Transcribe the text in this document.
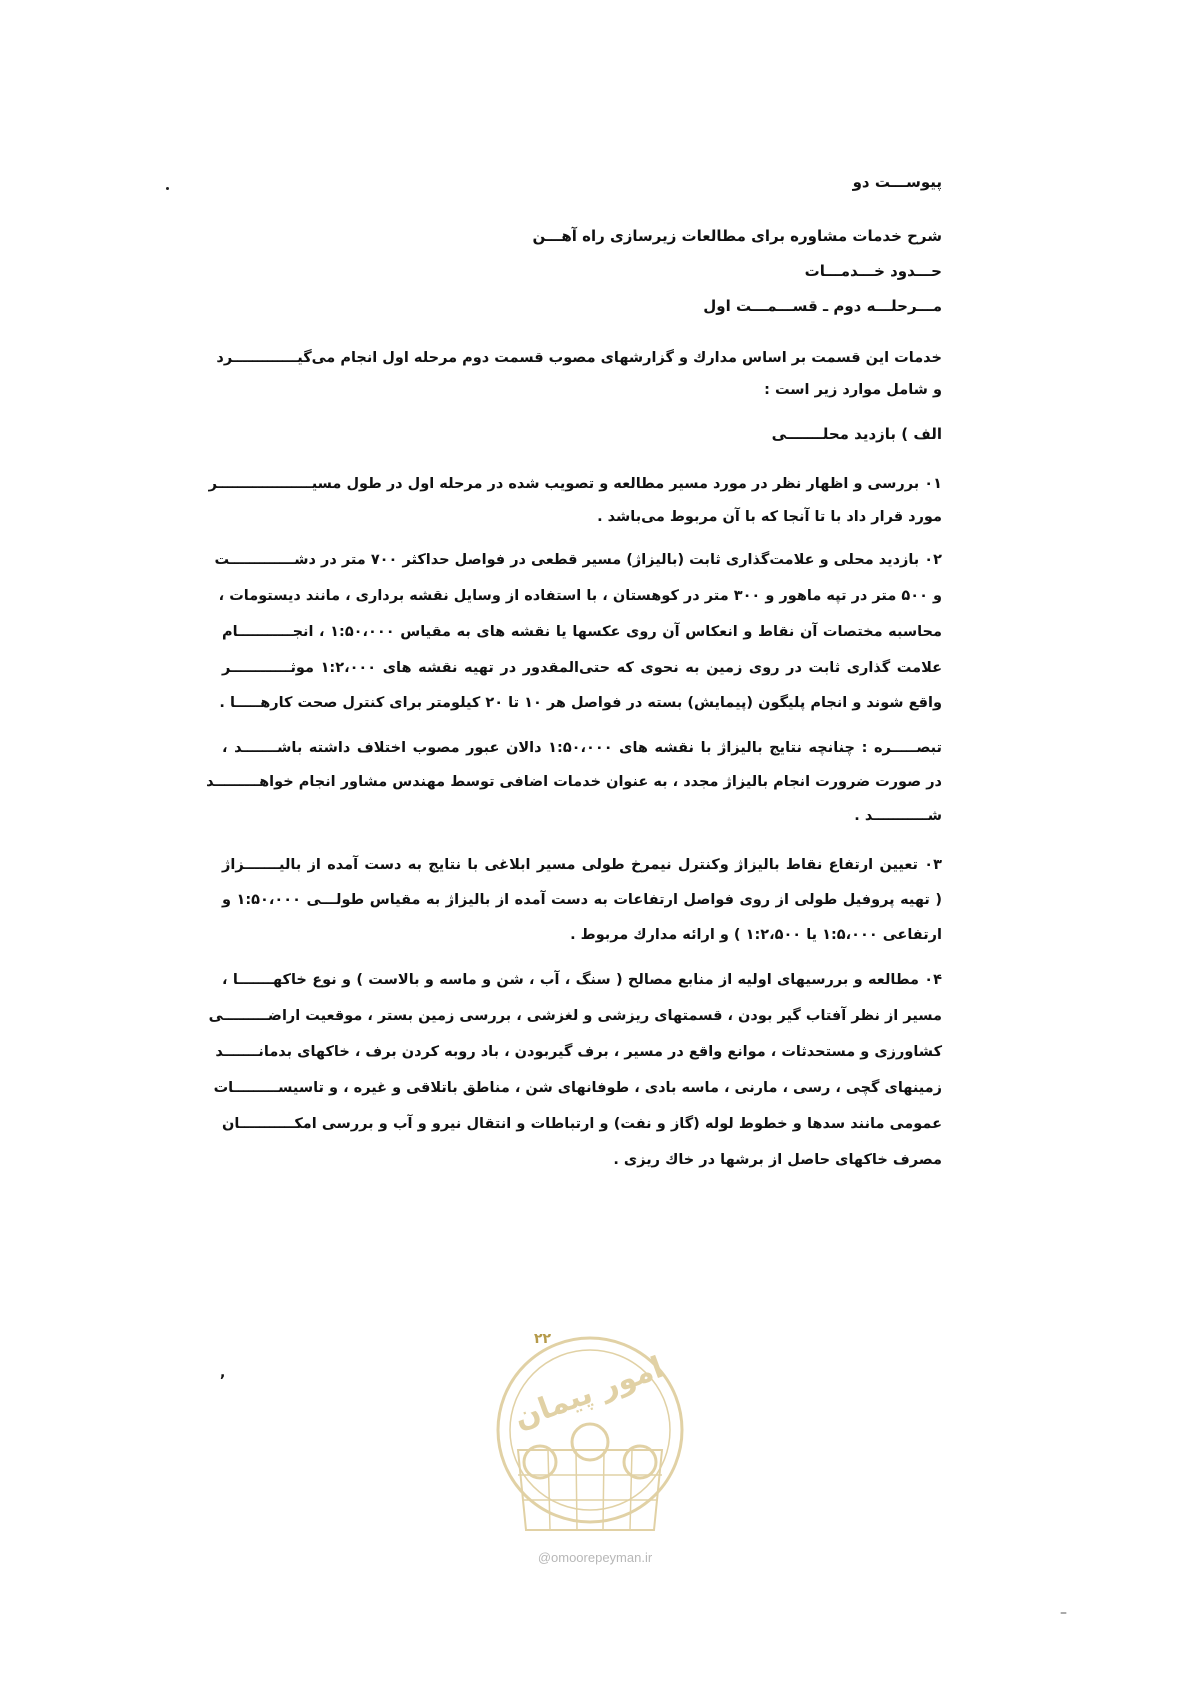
پیوســـت دو
شرح خدمات مشاوره برای مطالعات زیرسازی راه آهـــن
حـــدود خـــدمـــات
مـــرحلـــه دوم ـ قســـمـــت اول
خدمات این قسمت بر اساس مدارك و گزارشهای مصوب قسمت دوم مرحله اول انجام می‌گیـــــــــــــرد
و شامل موارد زیر است :
الف ) بازدید محلـــــــی
۰۱ بررسی و اظهار نظر در مورد مسیر مطالعه و تصویب شده در مرحله اول در طول مسیـــــــــــــــــــر
مورد قرار داد با تا آنجا که با آن مربوط می‌باشد .
۰۲ بازدید محلی و علامت‌گذاری ثابت (بالیزاژ) مسیر قطعی در فواصل حداکثر ۷۰۰ متر در دشـــــــــــــت
و ۵۰۰ متر در تپه ماهور و ۳۰۰ متر در کوهستان ، با استفاده از وسایل نقشه برداری ، مانند دیستومات ،
محاسبه مختصات آن نقاط و انعکاس آن روی عکسها یا نقشه های به مقیاس ۱:۵۰،۰۰۰ ، انجـــــــــــام
علامت گذاری ثابت در روی زمین به نحوی که حتی‌المقدور در تهیه نقشه های ۱:۲،۰۰۰ موثــــــــــــر
واقع شوند و انجام پلیگون (پیمایش) بسته در فواصل هر ۱۰ تا ۲۰ کیلومتر برای کنترل صحت کارهـــــا .
تبصـــــره : چنانچه نتایج بالیزاژ با نقشه های ۱:۵۰،۰۰۰ دالان عبور مصوب اختلاف داشته باشـــــــد ،
در صورت ضرورت انجام بالیزاژ مجدد ، به عنوان خدمات اضافی توسط مهندس مشاور انجام خواهـــــــــد
شـــــــــــد .
۰۳ تعیین ارتفاع نقاط بالیزاژ وکنترل نیمرخ طولی مسیر ابلاغی با نتایج به دست آمده از بالیـــــــزاژ
( تهیه پروفیل طولی از روی فواصل ارتفاعات به دست آمده از بالیزاژ به مقیاس طولـــی ۱:۵۰،۰۰۰ و
ارتفاعی ۱:۵،۰۰۰ یا ۱:۲،۵۰۰ ) و ارائه مدارك مربوط .
۰۴ مطالعه و بررسیهای اولیه از منابع مصالح ( سنگ ، آب ، شن و ماسه و بالاست ) و نوع خاکهـــــــا ،
مسیر از نظر آفتاب گیر بودن ، قسمتهای ریزشی و لغزشی ، بررسی زمین بستر ، موقعیت اراضـــــــــی
کشاورزی و مستحدثات ، موانع واقع در مسیر ، برف گیربودن ، باد روبه کردن برف ، خاکهای بدمانـــــــد
زمینهای گچی ، رسی ، مارنی ، ماسه بادی ، طوفانهای شن ، مناطق باتلاقی و غیره ، و تاسیســـــــــات
عمومی مانند سدها و خطوط لوله (گاز و نفت) و ارتباطات و انتقال نیرو و آب و بررسی امکـــــــــــان
مصرف خاکهای حاصل از برشها در خاك ریزی .
۲۲
,	امور پیمان
@omoorepeyman.ir
–
